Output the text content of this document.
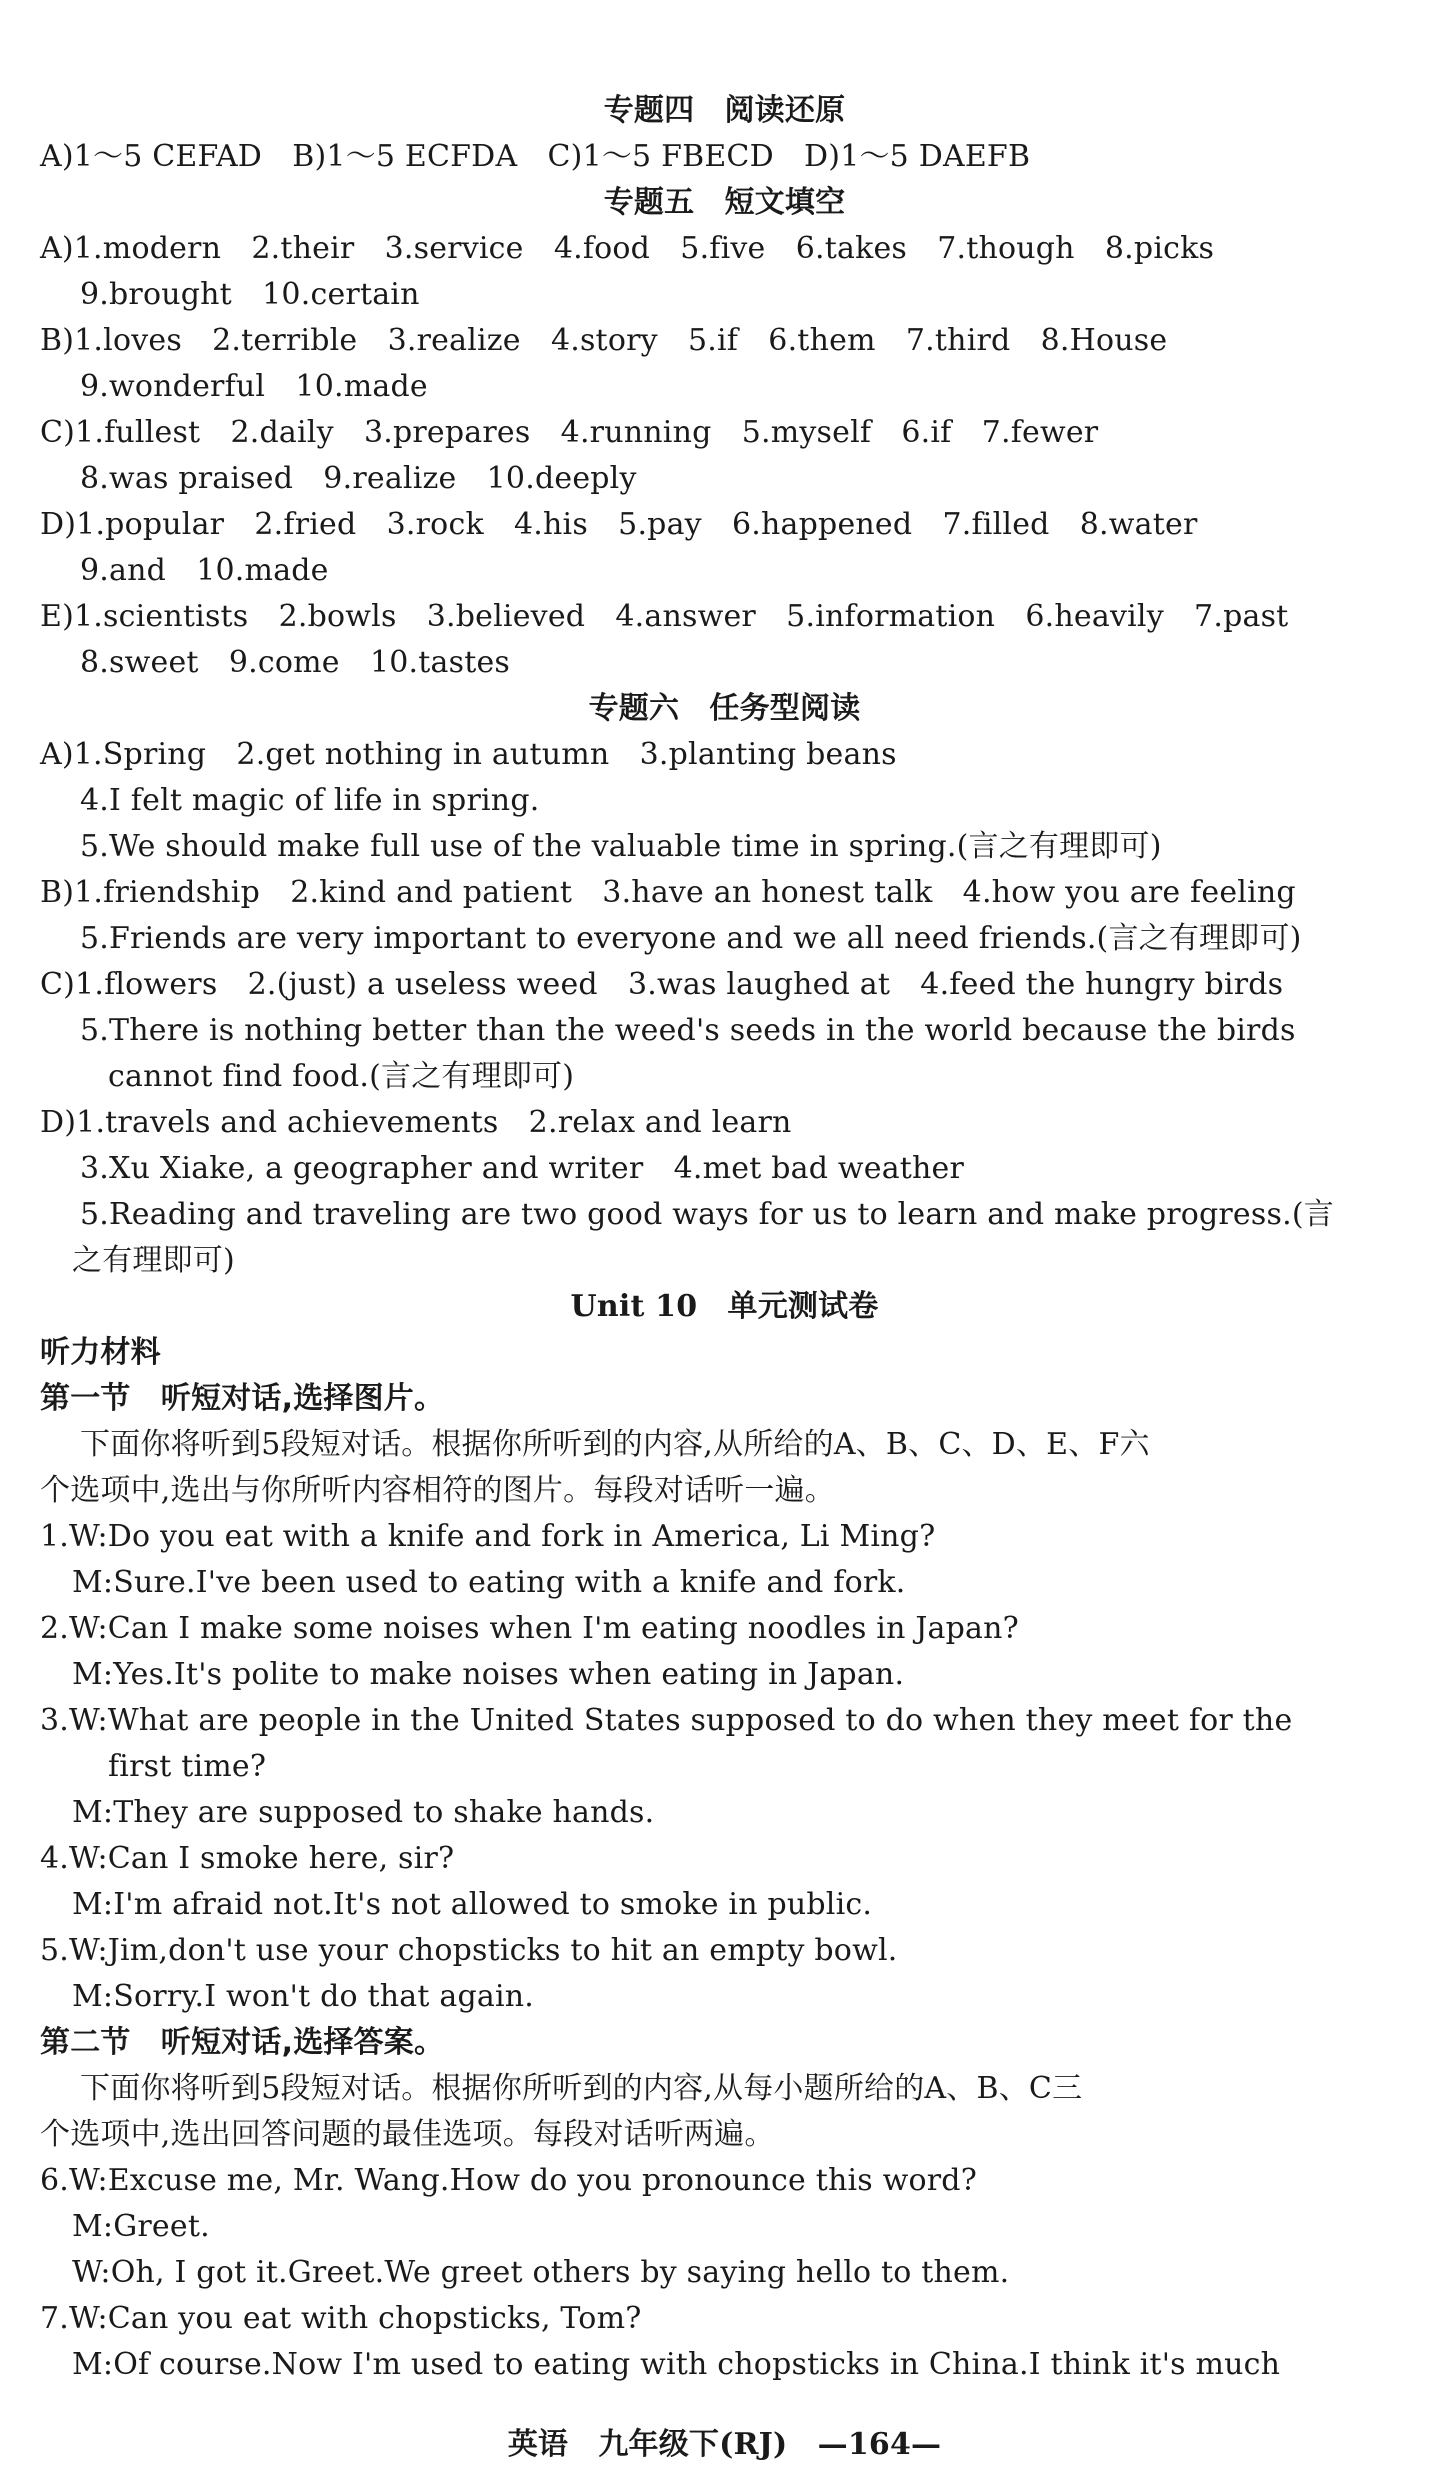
专题四　阅读还原
A)1～5 CEFAD　B)1～5 ECFDA　C)1～5 FBECD　D)1～5 DAEFB
专题五　短文填空
A)1.modern　2.their　3.service　4.food　5.five　6.takes　7.though　8.picks
9.brought　10.certain
B)1.loves　2.terrible　3.realize　4.story　5.if　6.them　7.third　8.House
9.wonderful　10.made
C)1.fullest　2.daily　3.prepares　4.running　5.myself　6.if　7.fewer
8.was praised　9.realize　10.deeply
D)1.popular　2.fried　3.rock　4.his　5.pay　6.happened　7.filled　8.water
9.and　10.made
E)1.scientists　2.bowls　3.believed　4.answer　5.information　6.heavily　7.past
8.sweet　9.come　10.tastes
专题六　任务型阅读
A)1.Spring　2.get nothing in autumn　3.planting beans
4.I felt magic of life in spring.
5.We should make full use of the valuable time in spring.(言之有理即可)
B)1.friendship　2.kind and patient　3.have an honest talk　4.how you are feeling
5.Friends are very important to everyone and we all need friends.(言之有理即可)
C)1.flowers　2.(just) a useless weed　3.was laughed at　4.feed the hungry birds
5.There is nothing better than the weed's seeds in the world because the birds
cannot find food.(言之有理即可)
D)1.travels and achievements　2.relax and learn
3.Xu Xiake, a geographer and writer　4.met bad weather
5.Reading and traveling are two good ways for us to learn and make progress.(言
之有理即可)
Unit 10　单元测试卷
听力材料
第一节　听短对话,选择图片。
下面你将听到5段短对话。根据你所听到的内容,从所给的A、B、C、D、E、F六
个选项中,选出与你所听内容相符的图片。每段对话听一遍。
1.W:Do you eat with a knife and fork in America, Li Ming?
M:Sure.I've been used to eating with a knife and fork.
2.W:Can I make some noises when I'm eating noodles in Japan?
M:Yes.It's polite to make noises when eating in Japan.
3.W:What are people in the United States supposed to do when they meet for the
first time?
M:They are supposed to shake hands.
4.W:Can I smoke here, sir?
M:I'm afraid not.It's not allowed to smoke in public.
5.W:Jim,don't use your chopsticks to hit an empty bowl.
M:Sorry.I won't do that again.
第二节　听短对话,选择答案。
下面你将听到5段短对话。根据你所听到的内容,从每小题所给的A、B、C三
个选项中,选出回答问题的最佳选项。每段对话听两遍。
6.W:Excuse me, Mr. Wang.How do you pronounce this word?
M:Greet.
W:Oh, I got it.Greet.We greet others by saying hello to them.
7.W:Can you eat with chopsticks, Tom?
M:Of course.Now I'm used to eating with chopsticks in China.I think it's much
英语　九年级下(RJ)　—164—
